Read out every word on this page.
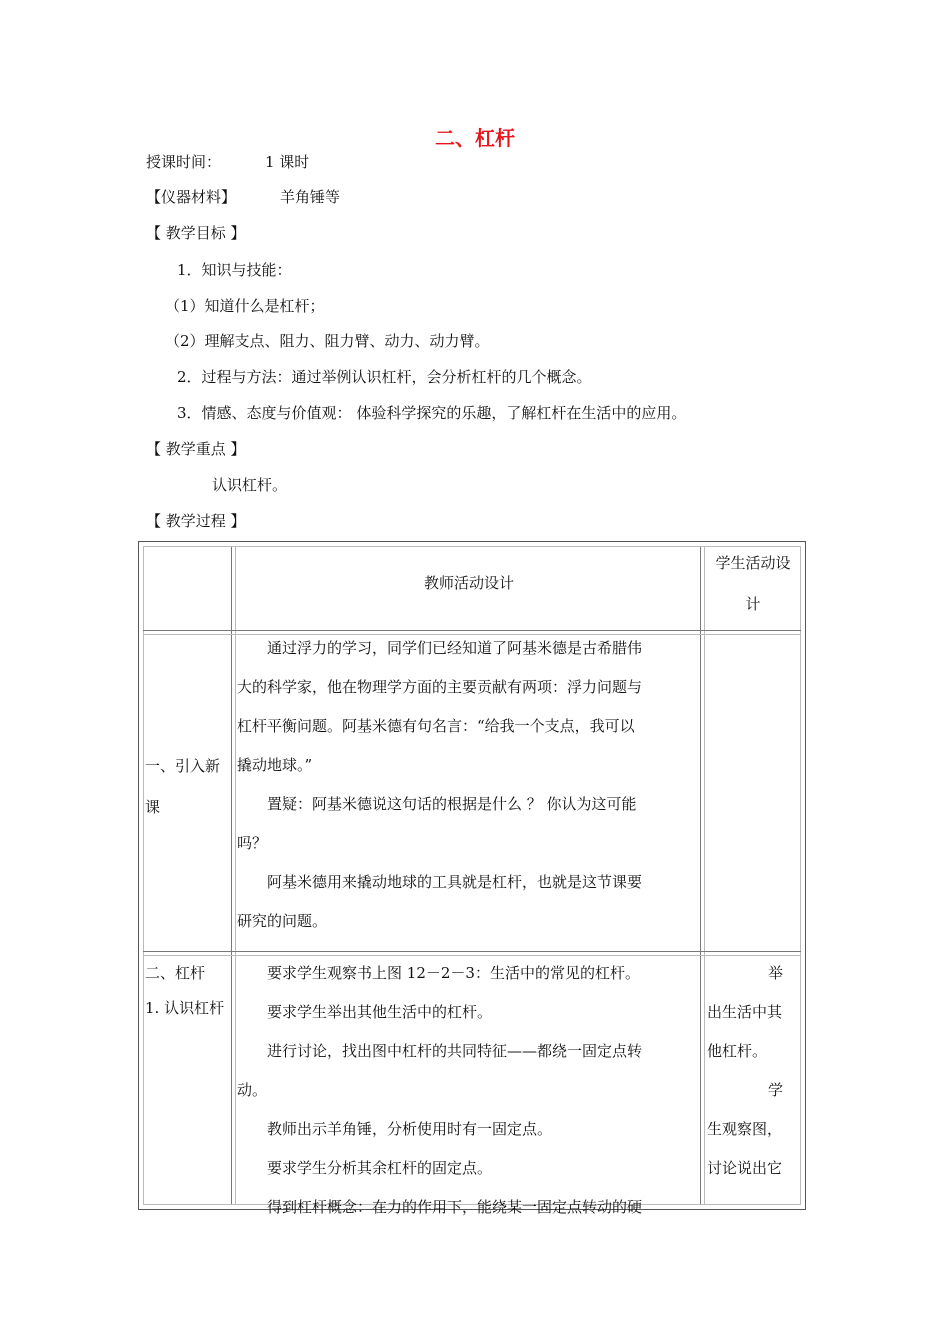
二、杠杆
授课时间：	1 课时
【仪器材料】	羊角锤等
【 教学目标 】
1．知识与技能：
（1）知道什么是杠杆；
（2）理解支点、阻力、阻力臂、动力、动力臂。
2．过程与方法：通过举例认识杠杆，会分析杠杆的几个概念。
3．情感、态度与价值观： 体验科学探究的乐趣，了解杠杆在生活中的应用。
【 教学重点 】
认识杠杆。
【 教学过程 】
教师活动设计
学生活动设
计
一、引入新
课
　　通过浮力的学习，同学们已经知道了阿基米德是古希腊伟
大的科学家，他在物理学方面的主要贡献有两项：浮力问题与
杠杆平衡问题。阿基米德有句名言：“给我一个支点，我可以
撬动地球。”
　　置疑：阿基米德说这句话的根据是什么 ？ 你认为这可能
吗？
　　阿基米德用来撬动地球的工具就是杠杆，也就是这节课要
研究的问题。
二、杠杆
1. 认识杠杆
　　要求学生观察书上图 12－2－3：生活中的常见的杠杆。
　　要求学生举出其他生活中的杠杆。
　　进行讨论，找出图中杠杆的共同特征——都绕一固定点转
动。
　　教师出示羊角锤，分析使用时有一固定点。
　　要求学生分析其余杠杆的固定点。
　　得到杠杆概念：在力的作用下，能绕某一固定点转动的硬
举
出生活中其
他杠杆。
学
生观察图，
讨论说出它
